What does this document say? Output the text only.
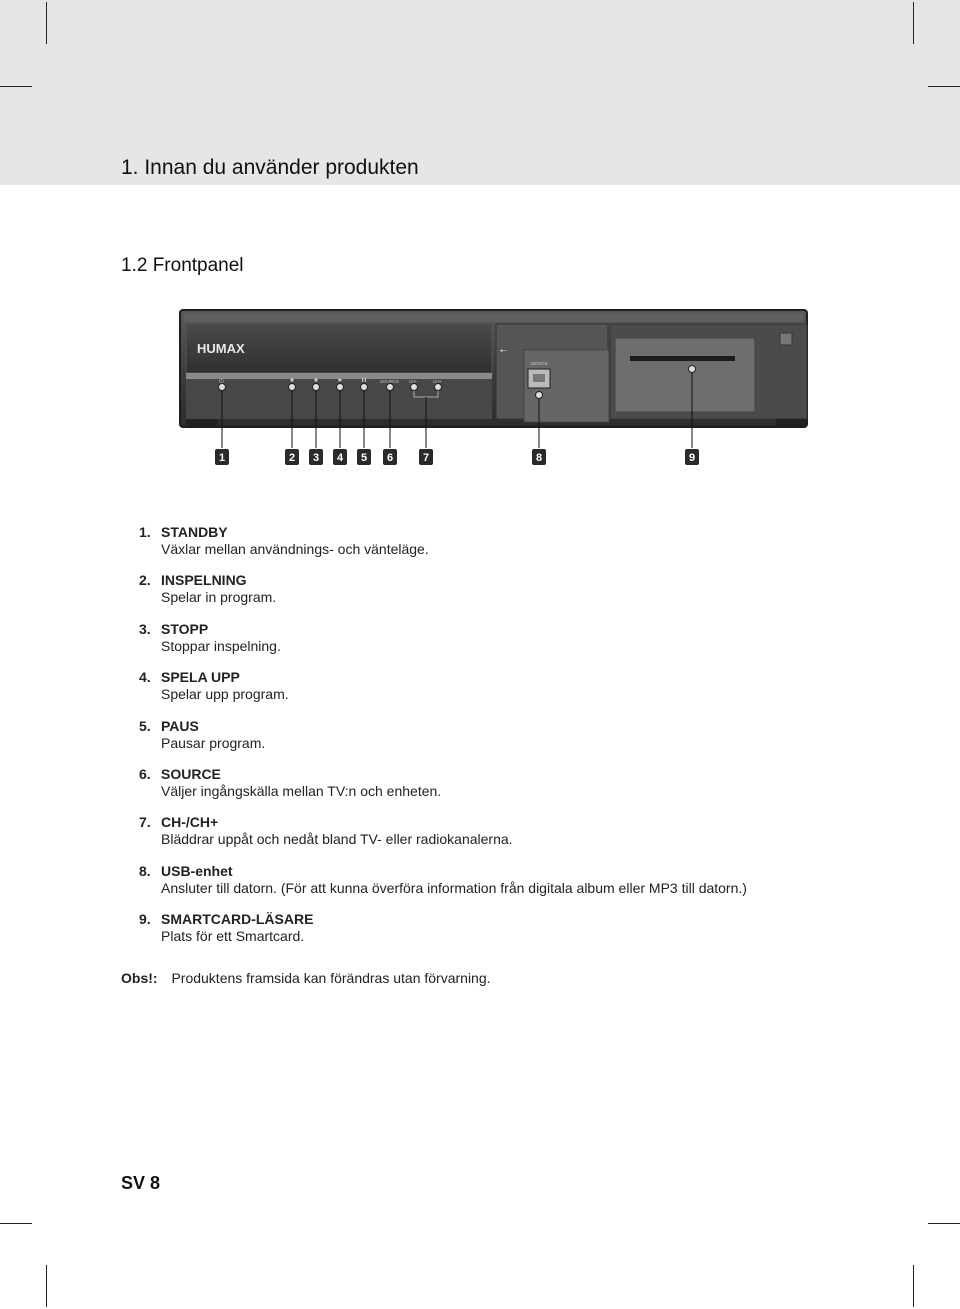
1. Innan du använder produkten
1.2 Frontpanel
HUMAX
⏻	SOURCE CH-	CH+
⭠
DEVICE
1	2 3 4 5 6	7	8	9
1. STANDBY
Växlar mellan användnings- och vänteläge.
2. INSPELNING
Spelar in program.
3. STOPP
Stoppar inspelning.
4. SPELA UPP
Spelar upp program.
5. PAUS
Pausar program.
6. SOURCE
Väljer ingångskälla mellan TV:n och enheten.
7. CH-/CH+
Bläddrar uppåt och nedåt bland TV- eller radiokanalerna.
8. USB-enhet
Ansluter till datorn. (För att kunna överföra information från digitala album eller MP3 till datorn.)
9. SMARTCARD-LÄSARE
Plats för ett Smartcard.
Obs!: Produktens framsida kan förändras utan förvarning.
SV 8
